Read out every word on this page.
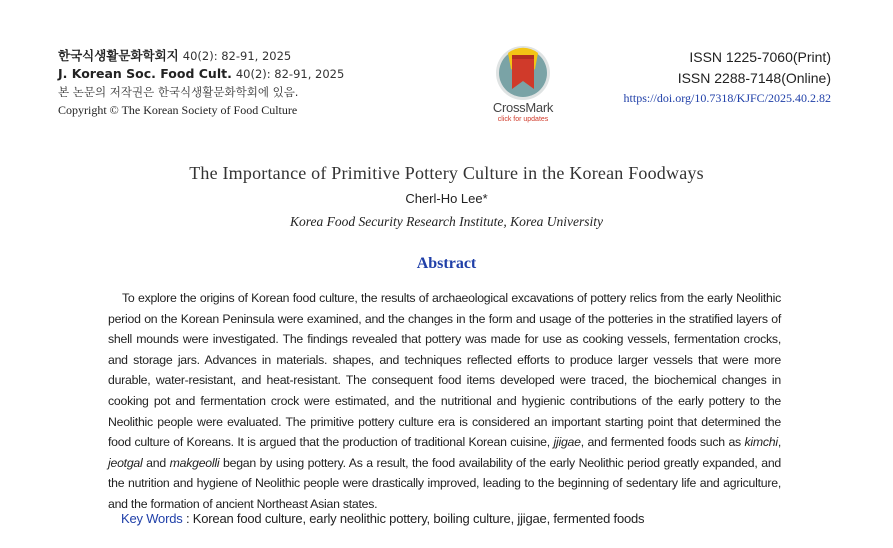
한국식생활문화학회지 40(2): 82-91, 2025
J. Korean Soc. Food Cult. 40(2): 82-91, 2025
본 논문의 저작권은 한국식생활문화학회에 있음.
Copyright © The Korean Society of Food Culture	CrossMark
click for updates
ISSN 1225-7060(Print)
ISSN 2288-7148(Online)
https://doi.org/10.7318/KJFC/2025.40.2.82
The Importance of Primitive Pottery Culture in the Korean Foodways
Cherl-Ho Lee*
Korea Food Security Research Institute, Korea University
Abstract

To explore the origins of Korean food culture, the results of archaeological excavations of pottery relics from the early Neolithic period on the Korean Peninsula were examined, and the changes in the form and usage of the potteries in the stratified layers of shell mounds were investigated. The findings revealed that pottery was made for use as cooking vessels, fermentation crocks, and storage jars. Advances in materials. shapes, and techniques reflected efforts to produce larger vessels that were more durable, water-resistant, and heat-resistant. The consequent food items developed were traced, the biochemical changes in cooking pot and fermentation crock were estimated, and the nutritional and hygienic contributions of the early pottery to the Neolithic people were evaluated. The primitive pottery culture era is considered an important starting point that determined the food culture of Koreans. It is argued that the production of traditional Korean cuisine, jjigae, and fermented foods such as kimchi, jeotgal and makgeolli began by using pottery. As a result, the food availability of the early Neolithic period greatly expanded, and the nutrition and hygiene of Neolithic people were drastically improved, leading to the beginning of sedentary life and agriculture, and the formation of ancient Northeast Asian states.

Key Words : Korean food culture, early neolithic pottery, boiling culture, jjigae, fermented foods
